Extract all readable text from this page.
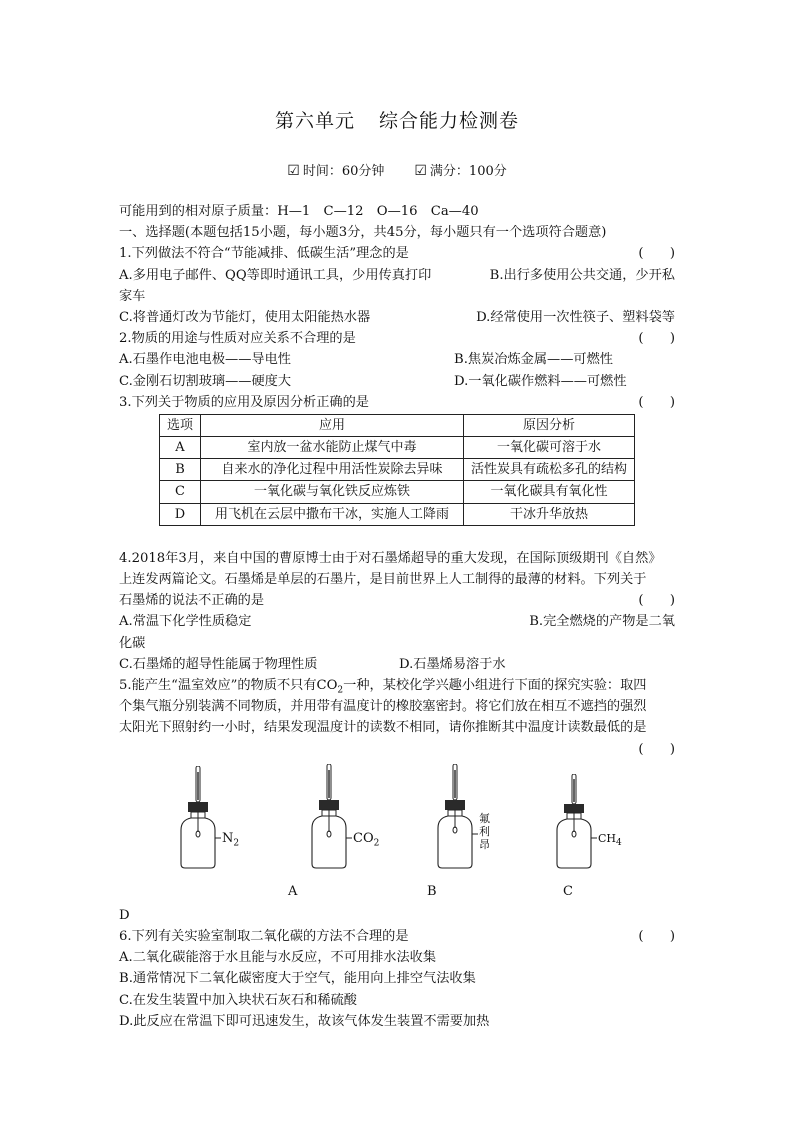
第六单元 综合能力检测卷
☑ 时间：60分钟 ☑ 满分：100分
可能用到的相对原子质量：H—1　C—12　O—16　Ca—40
一、选择题(本题包括15小题，每小题3分，共45分，每小题只有一个选项符合题意)
1.下列做法不符合“节能减排、低碳生活”理念的是	(　　)
A.多用电子邮件、QQ等即时通讯工具，少用传真打印	B.出行多使用公共交通，少开私
家车
C.将普通灯改为节能灯，使用太阳能热水器	D.经常使用一次性筷子、塑料袋等
2.物质的用途与性质对应关系不合理的是	(　　)
A.石墨作电池电极——导电性	B.焦炭冶炼金属——可燃性
C.金刚石切割玻璃——硬度大	D.一氧化碳作燃料——可燃性
3.下列关于物质的应用及原因分析正确的是	(　　)
选项	应用	原因分析
A	室内放一盆水能防止煤气中毒	一氧化碳可溶于水
B	自来水的净化过程中用活性炭除去异味	活性炭具有疏松多孔的结构
C	一氧化碳与氧化铁反应炼铁	一氧化碳具有氧化性
D	用飞机在云层中撒布干冰，实施人工降雨	干冰升华放热
4.2018年3月，来自中国的曹原博士由于对石墨烯超导的重大发现，在国际顶级期刊《自然》
上连发两篇论文。石墨烯是单层的石墨片，是目前世界上人工制得的最薄的材料。下列关于
石墨烯的说法不正确的是	(　　)
A.常温下化学性质稳定	B.完全燃烧的产物是二氧
化碳
C.石墨烯的超导性能属于物理性质	D.石墨烯易溶于水
5.能产生“温室效应”的物质不只有$CO_2$一种，某校化学兴趣小组进行下面的探究实验：取四
个集气瓶分别装满不同物质，并用带有温度计的橡胶塞密封。将它们放在相互不遮挡的强烈
太阳光下照射约一小时，结果发现温度计的读数不相同，请你推断其中温度计读数最低的是
(　　)
$N_2$	$CO_2$
氟
利
昂	$CH_4$
A	B	C
D
6.下列有关实验室制取二氧化碳的方法不合理的是	(　　)
A.二氧化碳能溶于水且能与水反应，不可用排水法收集
B.通常情况下二氧化碳密度大于空气，能用向上排空气法收集
C.在发生装置中加入块状石灰石和稀硫酸
D.此反应在常温下即可迅速发生，故该气体发生装置不需要加热
